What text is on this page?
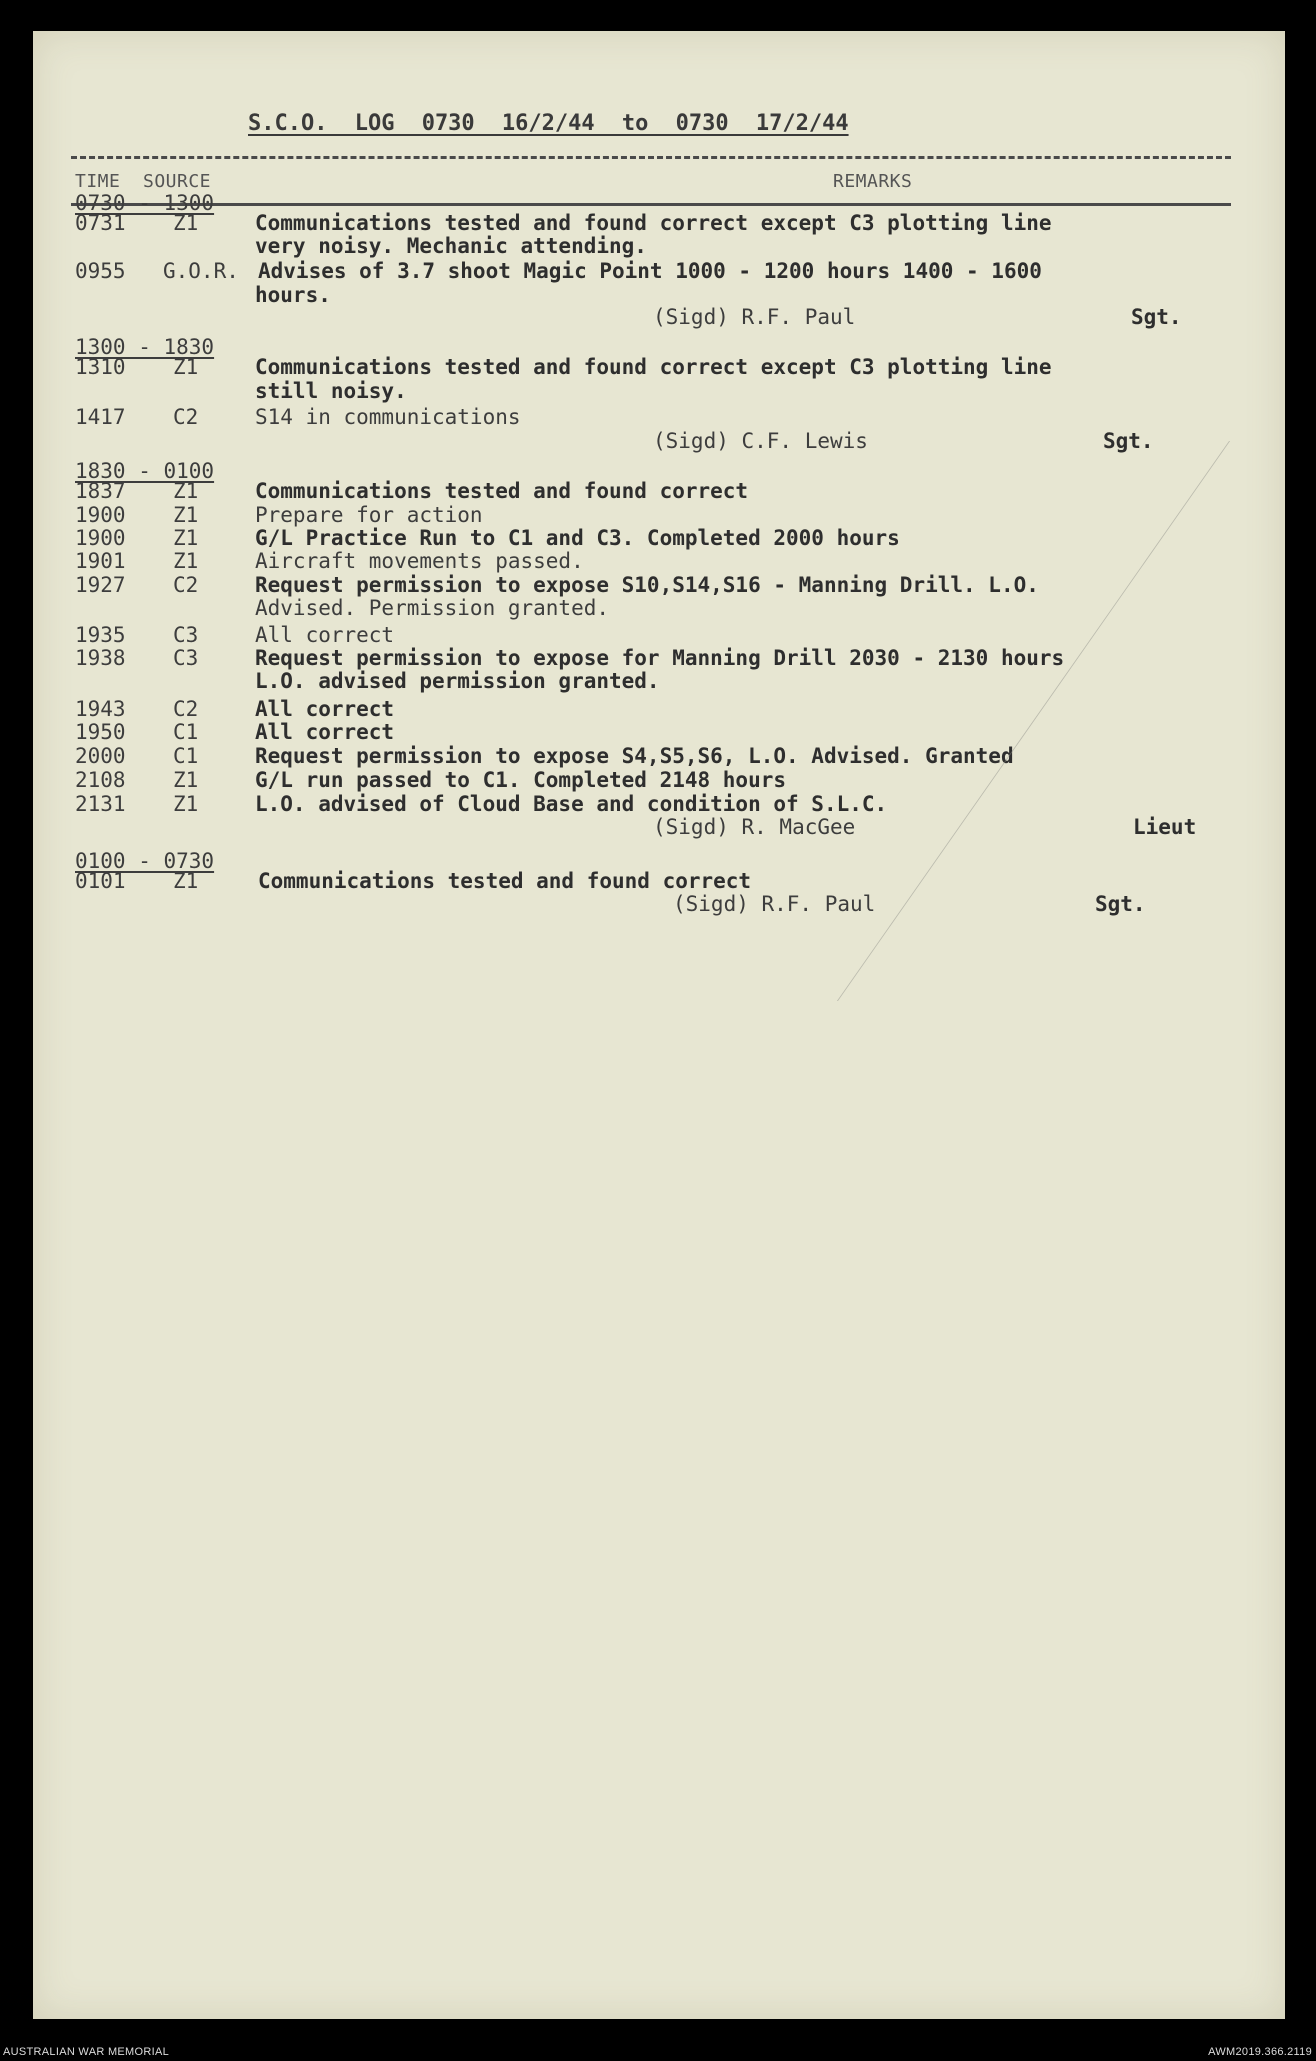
S.C.O. LOG 0730 16/2/44 to 0730 17/2/44
TIME SOURCE	REMARKS
0730 - 1300
0731 Z1	Communications tested and found correct except C3 plotting line
very noisy. Mechanic attending.
0955 G.O.R. Advises of 3.7 shoot Magic Point 1000 - 1200 hours 1400 - 1600
hours.
(Sigd) R.F. Paul	Sgt.
1300 - 1830
1310 Z1	Communications tested and found correct except C3 plotting line
still noisy.
1417 C2	S14 in communications
(Sigd) C.F. Lewis	Sgt.
1830 - 0100
1837 Z1	Communications tested and found correct
1900 Z1	Prepare for action
1900 Z1	G/L Practice Run to C1 and C3. Completed 2000 hours
1901 Z1	Aircraft movements passed.
1927 C2	Request permission to expose S10,S14,S16 - Manning Drill. L.O.
Advised. Permission granted.
1935 C3	All correct
1938 C3	Request permission to expose for Manning Drill 2030 - 2130 hours
L.O. advised permission granted.
1943 C2	All correct
1950 C1	All correct
2000 C1	Request permission to expose S4,S5,S6, L.O. Advised. Granted
2108 Z1	G/L run passed to C1. Completed 2148 hours
2131 Z1	L.O. advised of Cloud Base and condition of S.L.C.
(Sigd) R. MacGee	Lieut
0100 - 0730
0101 Z1	Communications tested and found correct
(Sigd) R.F. Paul	Sgt.
AUSTRALIAN WAR MEMORIAL	AWM2019.366.2119
